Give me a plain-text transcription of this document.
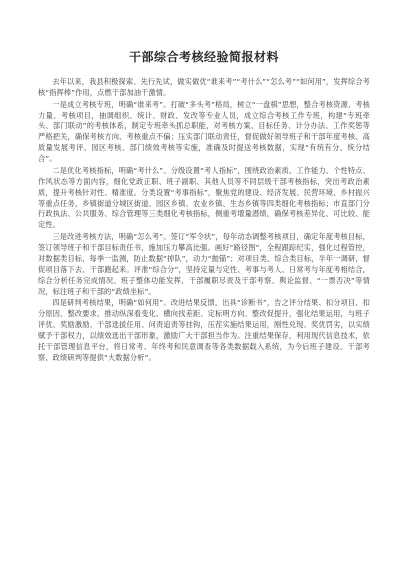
干部综合考核经验简报材料

去年以来，我县积极探索、先行先试，做实做优“谁来考”“考什么”“怎么考”“如何用”，发挥综合考核“指挥棒”作用，点燃干部加油干激情。

一是成立考核专班，明确“谁来考”。打破“多头考”格局，树立“一盘棋”思想，整合考核资源、考核力量、考核项目，抽调组织、统计、财政、发改等专业人员，成立综合考核工作专班，构建“专班牵头、部门联动”的考核体系，制定专班牵头抓总职能，对考核方案、目标任务、计分办法、工作奖惩等严格把关，确保考核方向、考核重点不偏；压实部门联动责任，督促做好领导班子和干部年度考核、高质量发展考评、园区考核、部门绩效考核等实施，准确及时提送考核数据，实现“有统有分、统分结合”。

二是优化考核指标，明确“考什么”。分级设置“考人指标”，围绕政治素质、工作能力、个性特点、作风状态等方面内容，细化党政正职、班子副职、其他人员等不同层级干部考核指标，突出考政治素质，提升考核针对性、精准度。分类设置“考事指标”，聚焦党的建设、经济发展、民营环境、乡村振兴等重点任务，乡镇街道分城区街道、园区乡镇、农业乡镇、生态乡镇等四类细化考核指标；市直部门分行政执法、公共服务、综合管理等三类细化考核指标，侧重考增量潜绩，确保考核差异化、可比较、能定性。

三是改进考核方法，明确“怎么考”。签订“军令状”，每年动态调整考核项目，确定年度考核目标，签订领导班子和干部目标责任书，施加压力攀高比强。画好“路径图”，全程跟踪纪实，强化过程管控，对数据类目标，每季一监测，防止数据“掉队”，动力“抛锚”；对项目类、综合类目标，半年一调研，督促项目落下去、干部跑起来。评准“综合分”，坚持定量与定性、考事与考人、日常考与年度考相结合，综合分析任务完成情况、班子整体功能发挥、干部履职尽责及干部考察、舆论监督、“一票否决”等情况，标注班子和干部的“政绩坐标”。

四是研判考核结果，明确“如何用”。改进结果反馈，出具“诊断书”，告之评分结果、扣分项目、扣分原因、整改要求，推动纵深看变化、横向找差距、定标明方向、整改促提升，强化结果运用，与班子评优、奖励激励、干部选拔任用、问责追责等挂钩，压茬实施结果运用，刚性兑现、奖优罚劣，以实绩赋予干部权力，以绩效选出干部形象，激励广大干部担当作为。注重结果保存，利用现代信息技术，依托干部管理信息平台，将日常考、年终考和民意调查等各类数据载入系统，为今后班子建设、干部考察、政绩研判等提供“大数据分析”。
